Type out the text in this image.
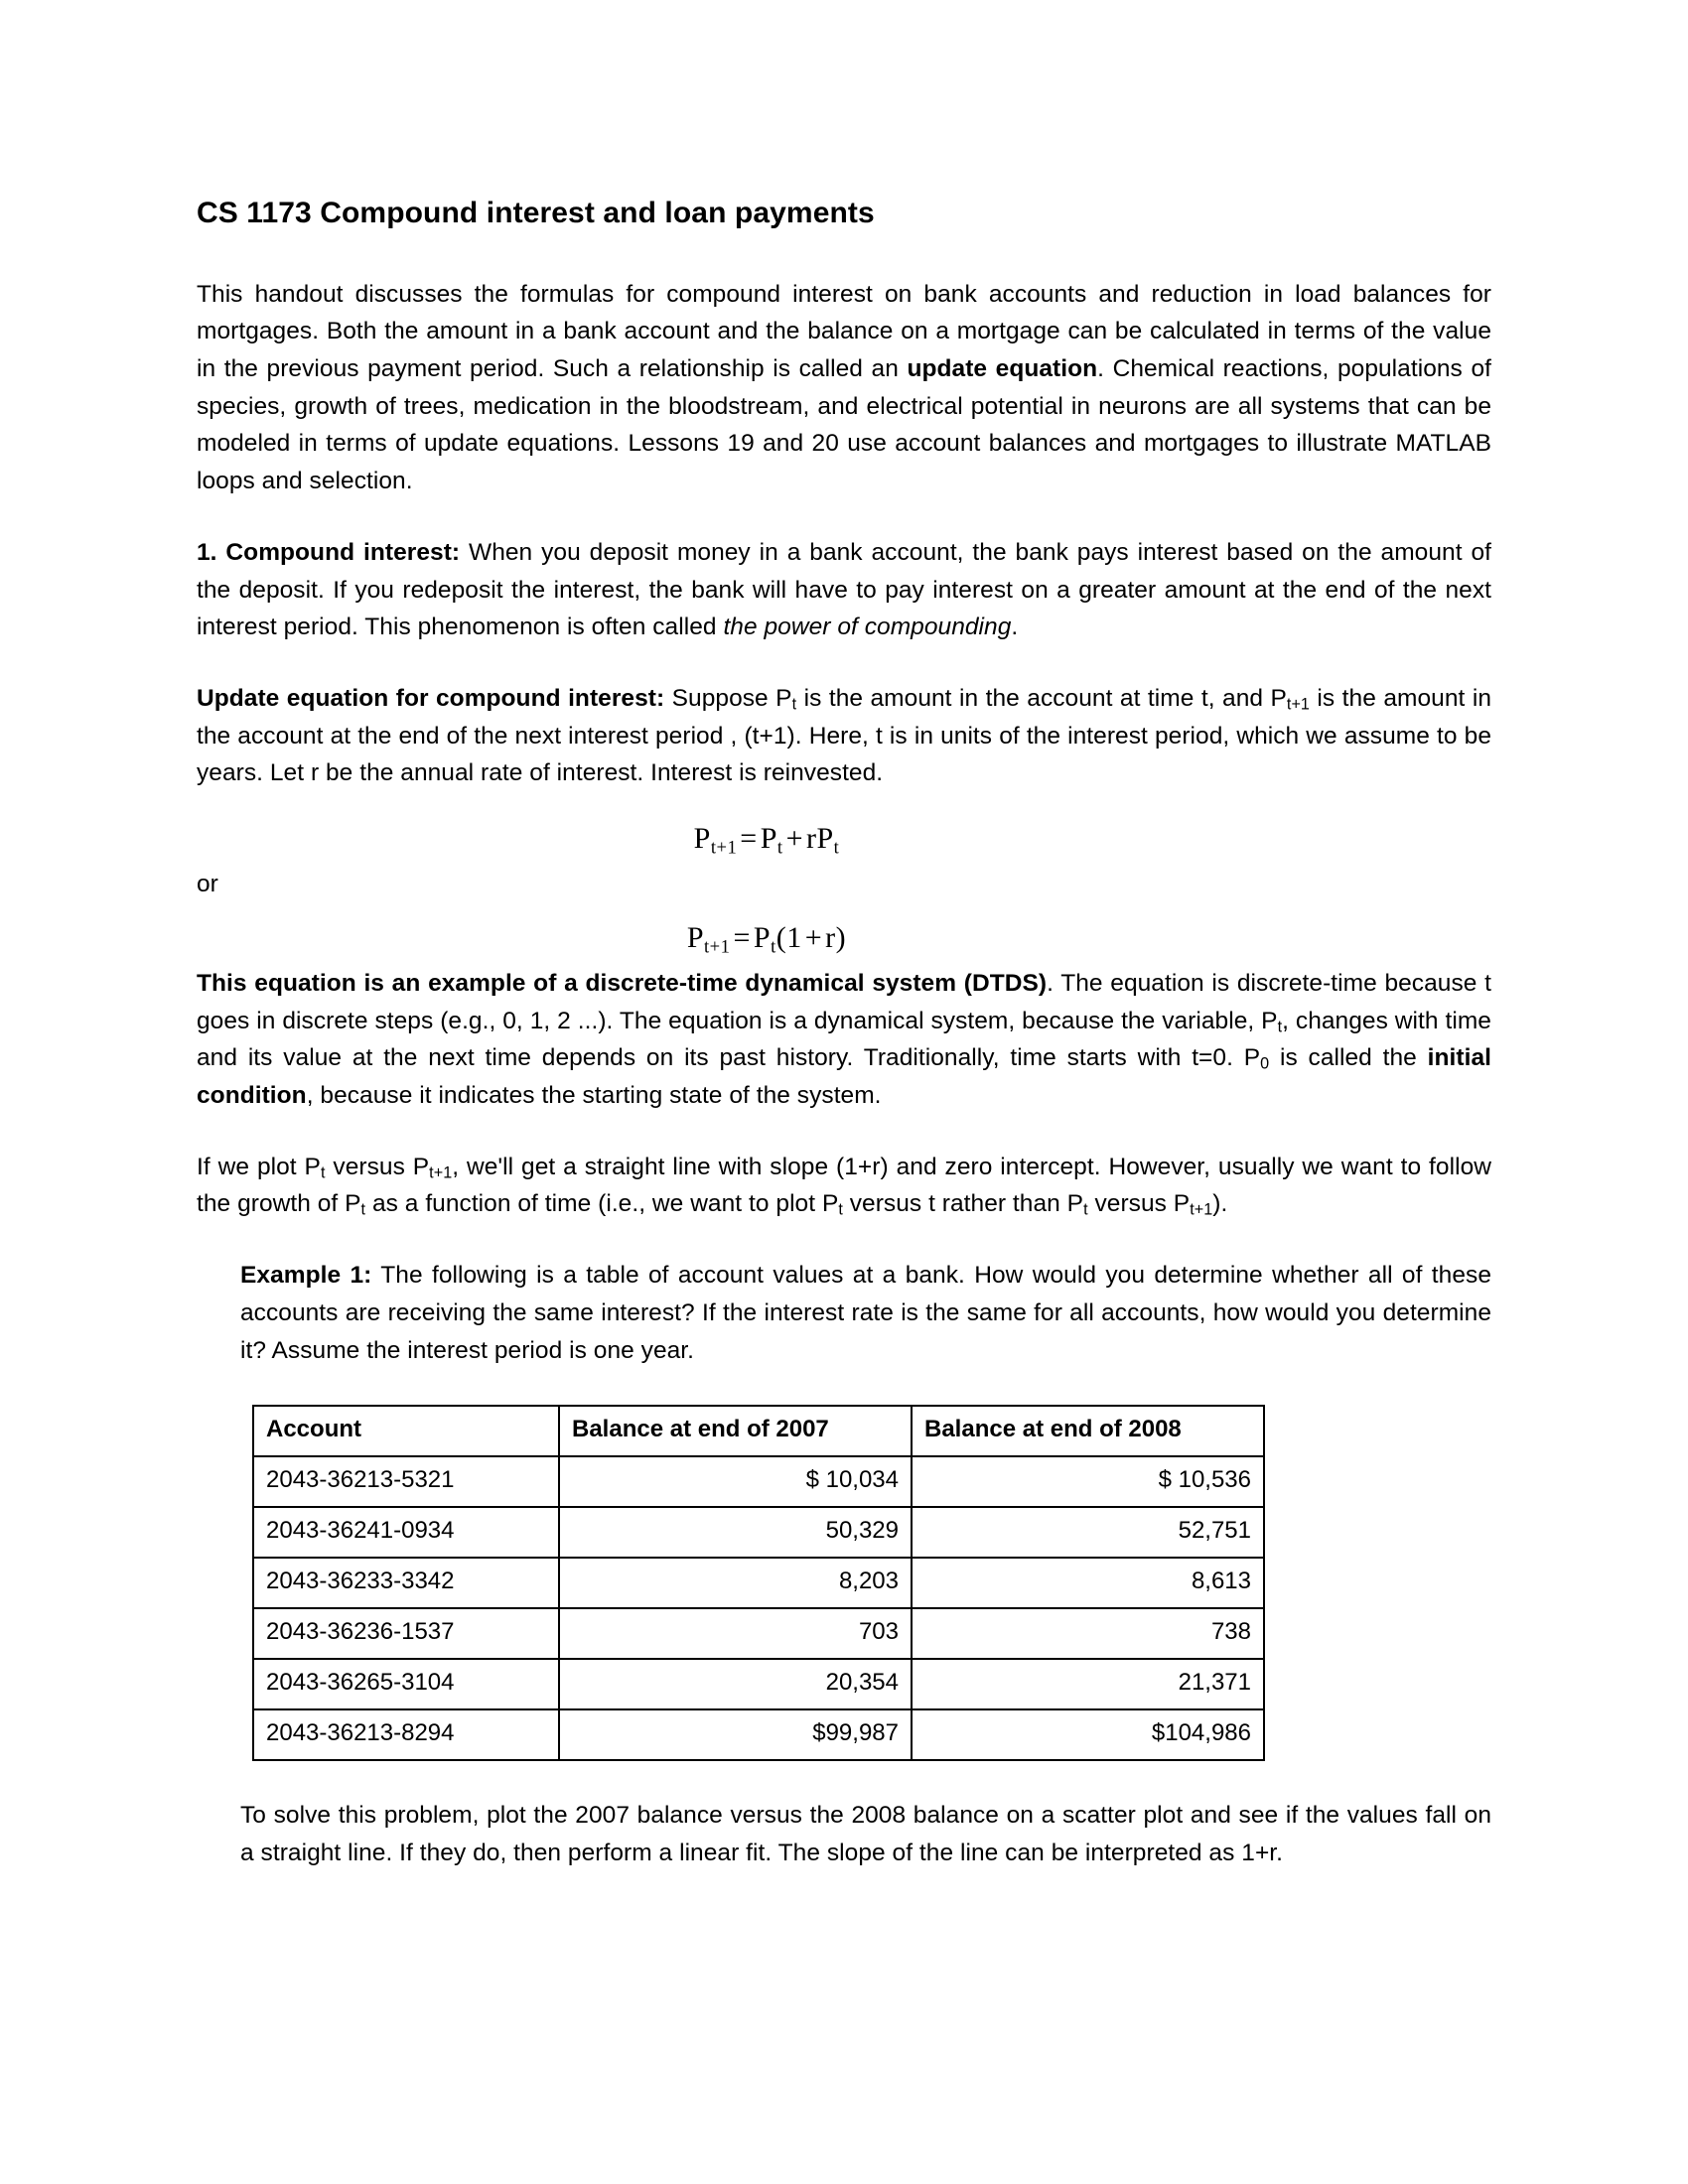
CS 1173 Compound interest and loan payments

This handout discusses the formulas for compound interest on bank accounts and reduction in load balances for mortgages. Both the amount in a bank account and the balance on a mortgage can be calculated in terms of the value in the previous payment period. Such a relationship is called an update equation. Chemical reactions, populations of species, growth of trees, medication in the bloodstream, and electrical potential in neurons are all systems that can be modeled in terms of update equations. Lessons 19 and 20 use account balances and mortgages to illustrate MATLAB loops and selection.

1. Compound interest: When you deposit money in a bank account, the bank pays interest based on the amount of the deposit. If you redeposit the interest, the bank will have to pay interest on a greater amount at the end of the next interest period. This phenomenon is often called the power of compounding.

Update equation for compound interest: Suppose $P_t$ is the amount in the account at time t, and $P_{t+1}$ is the amount in the account at the end of the next interest period , (t+1). Here, t is in units of the interest period, which we assume to be years. Let r be the annual rate of interest. Interest is reinvested.

$P_{t+1} = P_t + rP_t$
or
$P_{t+1} = P_t(1 + r)$

This equation is an example of a discrete-time dynamical system (DTDS). The equation is discrete-time because t goes in discrete steps (e.g., 0, 1, 2 ...). The equation is a dynamical system, because the variable, $P_t$, changes with time and its value at the next time depends on its past history. Traditionally, time starts with t=0. $P_0$ is called the initial condition, because it indicates the starting state of the system.

If we plot $P_t$ versus $P_{t+1}$, we'll get a straight line with slope (1+r) and zero intercept. However, usually we want to follow the growth of $P_t$ as a function of time (i.e., we want to plot $P_t$ versus t rather than $P_t$ versus $P_{t+1}$).

Example 1: The following is a table of account values at a bank. How would you determine whether all of these accounts are receiving the same interest? If the interest rate is the same for all accounts, how would you determine it? Assume the interest period is one year.

Account	Balance at end of 2007	Balance at end of 2008
2043-36213-5321	$ 10,034	$ 10,536
2043-36241-0934	50,329	52,751
2043-36233-3342	8,203	8,613
2043-36236-1537	703	738
2043-36265-3104	20,354	21,371
2043-36213-8294	$99,987	$104,986

To solve this problem, plot the 2007 balance versus the 2008 balance on a scatter plot and see if the values fall on a straight line. If they do, then perform a linear fit. The slope of the line can be interpreted as 1+r.
